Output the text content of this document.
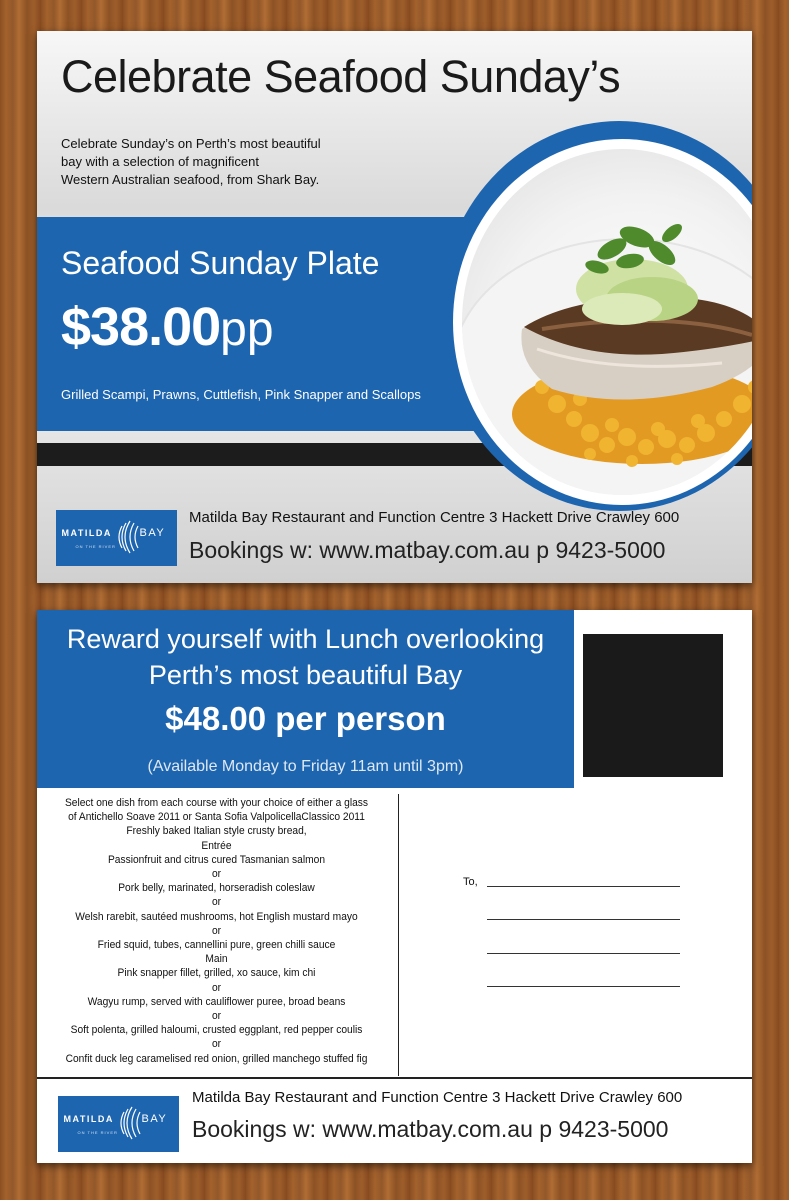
Celebrate Seafood Sunday’s
Celebrate Sunday’s on Perth’s most beautiful
bay with a selection of magnificent
Western Australian seafood, from Shark Bay.
Seafood Sunday Plate
$38.00pp
Grilled Scampi, Prawns, Cuttlefish, Pink Snapper and Scallops
MATILDA	BAY
ON THE RIVER
Matilda Bay Restaurant and Function Centre 3 Hackett Drive Crawley 600
Bookings w: www.matbay.com.au p 9423-5000
Reward yourself with Lunch overlooking
Perth’s most beautiful Bay
$48.00 per person
(Available Monday to Friday 11am until 3pm)
Select one dish from each course with your choice of either a glass
of Antichello Soave 2011 or Santa Sofia ValpolicellaClassico 2011
Freshly baked Italian style crusty bread,
Entrée
Passionfruit and citrus cured Tasmanian salmon
or
Pork belly, marinated, horseradish coleslaw
or
Welsh rarebit, sautéed mushrooms, hot English mustard mayo
or
Fried squid, tubes, cannellini pure, green chilli sauce
Main
Pink snapper fillet, grilled, xo sauce, kim chi
or
Wagyu rump, served with cauliflower puree, broad beans
or
Soft polenta, grilled haloumi, crusted eggplant, red pepper coulis
or
Confit duck leg caramelised red onion, grilled manchego stuffed fig
To,
MATILDA	BAY
ON THE RIVER
Matilda Bay Restaurant and Function Centre 3 Hackett Drive Crawley 600
Bookings w: www.matbay.com.au p 9423-5000
